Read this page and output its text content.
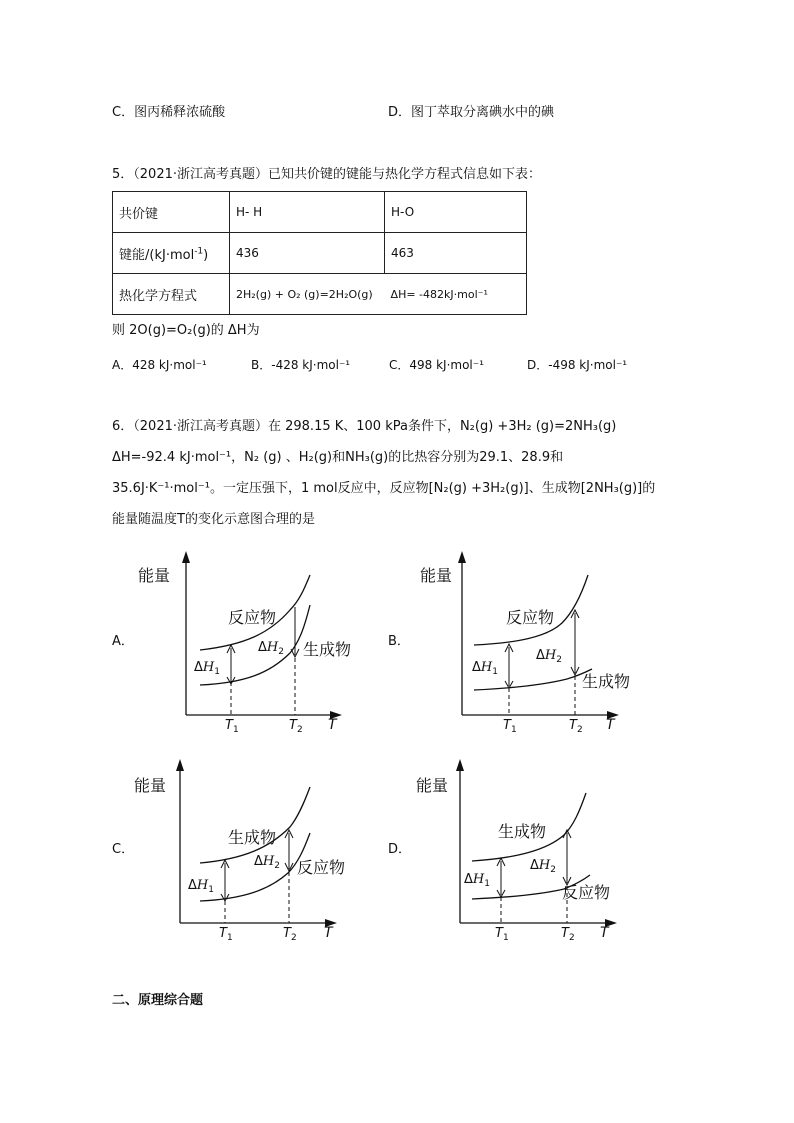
C．图丙稀释浓硫酸	D．图丁萃取分离碘水中的碘
5．（2021·浙江高考真题）已知共价键的键能与热化学方程式信息如下表：
共价键	H- H	H-O
键能/(kJ·mol$^{-1}$)	436	463
热化学方程式	2H₂(g) + O₂ (g)=2H₂O(g) ΔH= -482kJ·mol⁻¹	
则 2O(g)=O₂(g)的 ΔH为
A．428 kJ·mol⁻¹	B．-428 kJ·mol⁻¹	C．498 kJ·mol⁻¹	D．-498 kJ·mol⁻¹
6．（2021·浙江高考真题）在 298.15 K、100 kPa条件下，N₂(g) +3H₂ (g)=2NH₃(g)
ΔH=-92.4 kJ·mol⁻¹，N₂ (g) 、H₂(g)和NH₃(g)的比热容分别为29.1、28.9和
35.6J·K⁻¹·mol⁻¹。一定压强下，1 mol反应中，反应物[N₂(g) +3H₂(g)]、生成物[2NH₃(g)]的
能量随温度T的变化示意图合理的是
A．	B．
C．	D．
能量
反应物
生成物
$\Delta H_1$
$\Delta H_2$
$T_1$	$T_2$ T
能量
反应物
生成物
$\Delta H_1$
$\Delta H_2$
$T_1$	$T_2$ T
能量
生成物
反应物
$\Delta H_1$
$\Delta H_2$
$T_1$	$T_2$ T
能量
生成物
反应物
$\Delta H_1$
$\Delta H_2$
$T_1$	$T_2$ T
二、原理综合题
